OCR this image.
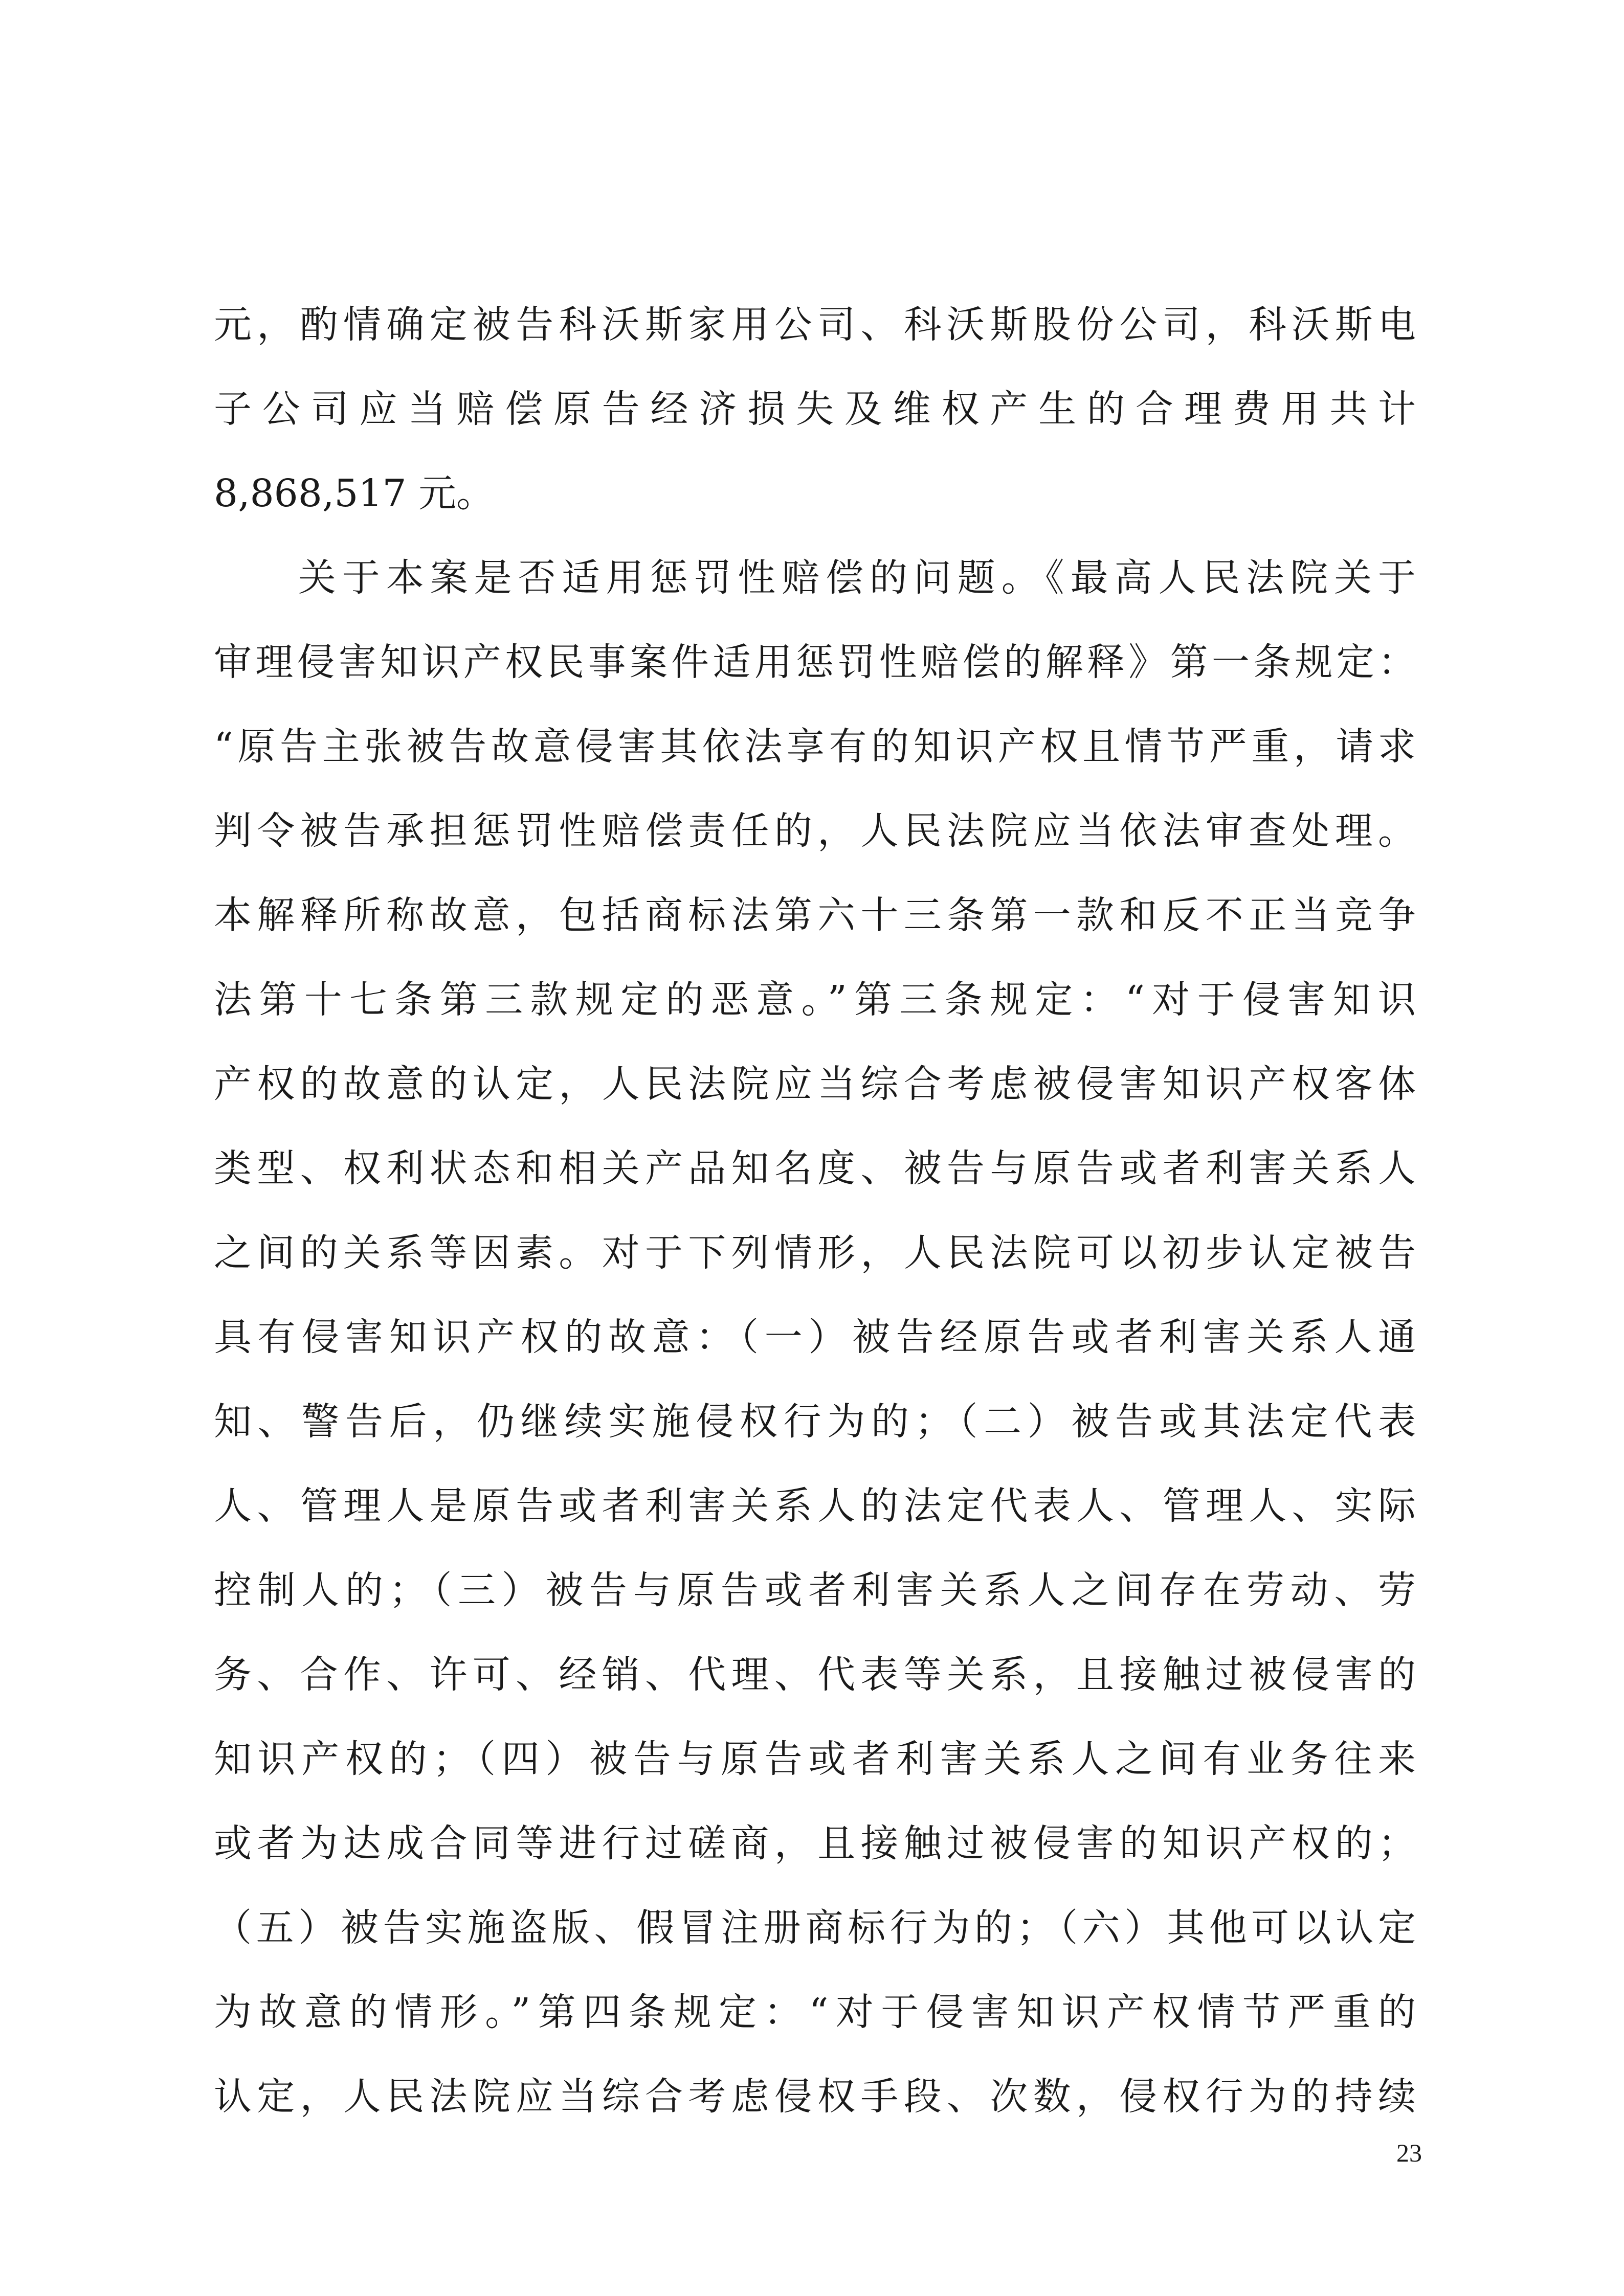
元，酌情确定被告科沃斯家用公司、科沃斯股份公司，科沃斯电
子公司应当赔偿原告经济损失及维权产生的合理费用共计
8,868,517 元。
关于本案是否适用惩罚性赔偿的问题。《最高人民法院关于
审理侵害知识产权民事案件适用惩罚性赔偿的解释》第一条规定：
“原告主张被告故意侵害其依法享有的知识产权且情节严重，请求
判令被告承担惩罚性赔偿责任的，人民法院应当依法审查处理。
本解释所称故意，包括商标法第六十三条第一款和反不正当竞争
法第十七条第三款规定的恶意。”第三条规定：“对于侵害知识
产权的故意的认定，人民法院应当综合考虑被侵害知识产权客体
类型、权利状态和相关产品知名度、被告与原告或者利害关系人
之间的关系等因素。对于下列情形，人民法院可以初步认定被告
具有侵害知识产权的故意：（一）被告经原告或者利害关系人通
知、警告后，仍继续实施侵权行为的；（二）被告或其法定代表
人、管理人是原告或者利害关系人的法定代表人、管理人、实际
控制人的；（三）被告与原告或者利害关系人之间存在劳动、劳
务、合作、许可、经销、代理、代表等关系，且接触过被侵害的
知识产权的；（四）被告与原告或者利害关系人之间有业务往来
或者为达成合同等进行过磋商，且接触过被侵害的知识产权的；
（五）被告实施盗版、假冒注册商标行为的；（六）其他可以认定
为故意的情形。”第四条规定：“对于侵害知识产权情节严重的
23
认定，人民法院应当综合考虑侵权手段、次数，侵权行为的持续
